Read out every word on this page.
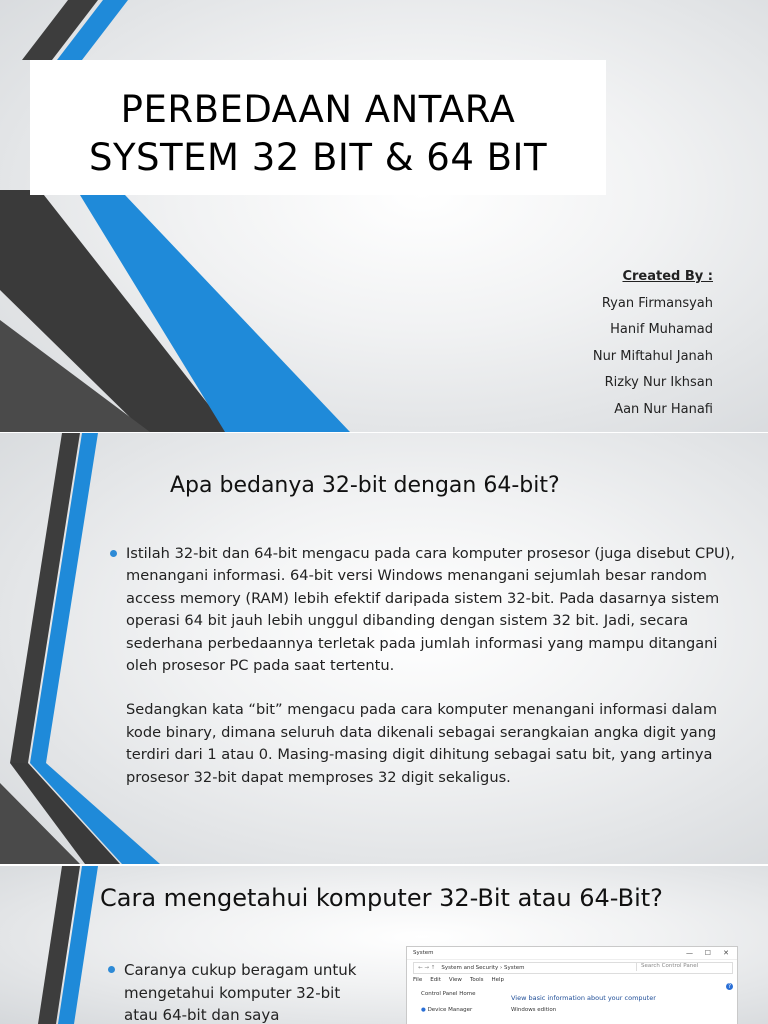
PERBEDAAN ANTARA
SYSTEM 32 BIT & 64 BIT
Created By :
Ryan Firmansyah
Hanif Muhamad
Nur Miftahul Janah
Rizky Nur Ikhsan
Aan Nur Hanafi
Apa bedanya 32-bit dengan 64-bit?

Istilah 32-bit dan 64-bit mengacu pada cara komputer prosesor (juga disebut CPU), menangani informasi. 64-bit versi Windows menangani sejumlah besar random access memory (RAM) lebih efektif daripada sistem 32-bit. Pada dasarnya sistem operasi 64 bit jauh lebih unggul dibanding dengan sistem 32 bit. Jadi, secara sederhana perbedaannya terletak pada jumlah informasi yang mampu ditangani oleh prosesor PC pada saat tertentu.

Sedangkan kata “bit” mengacu pada cara komputer menangani informasi dalam kode binary, dimana seluruh data dikenali sebagai serangkaian angka digit yang terdiri dari 1 atau 0. Masing-masing digit dihitung sebagai satu bit, yang artinya prosesor 32-bit dapat memproses 32 digit sekaligus.

Cara mengetahui komputer 32-Bit atau 64-Bit?
Caranya cukup beragam untuk mengetahui komputer 32-bit atau 64-bit dan saya
System	— ☐ ✕
← → ↑ System and Security › System	Search Control Panel
File Edit View Tools Help
Control Panel Home
● Device Manager
View basic information about your computer
Windows edition
?
